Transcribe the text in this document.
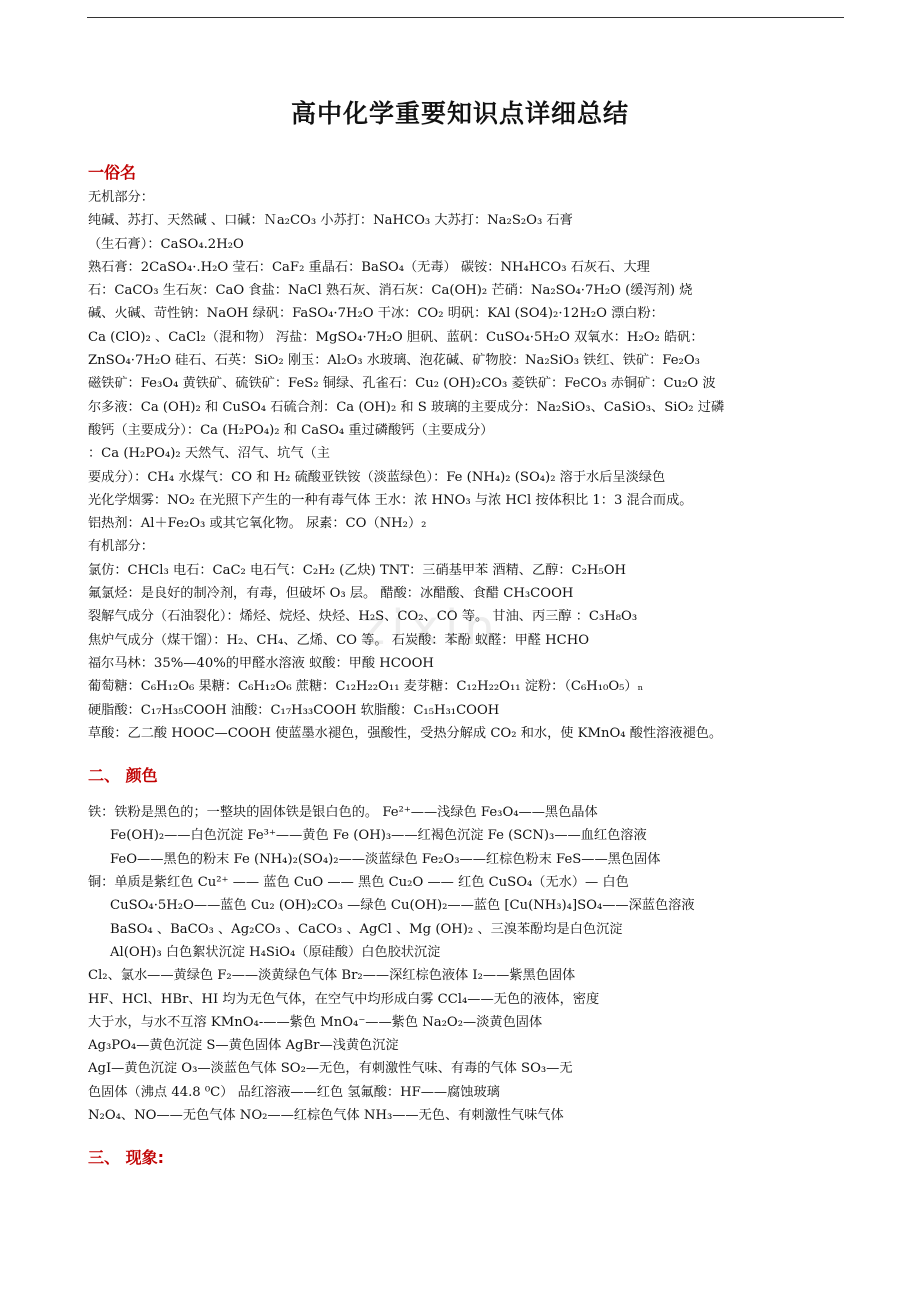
高中化学重要知识点详细总结
zixin
一俗名
无机部分：
纯碱、苏打、天然碱 、口碱：Ｎa₂CO₃ 小苏打：NaHCO₃ 大苏打：Na₂S₂O₃ 石膏
（生石膏）：CaSO₄.2H₂O
熟石膏：2CaSO₄·.H₂O 莹石：CaF₂ 重晶石：BaSO₄（无毒） 碳铵：NH₄HCO₃ 石灰石、大理
石：CaCO₃ 生石灰：CaO 食盐：NaCl 熟石灰、消石灰：Ca(OH)₂ 芒硝：Na₂SO₄·7H₂O (缓泻剂) 烧
碱、火碱、苛性钠：NaOH 绿矾：FaSO₄·7H₂O 干冰：CO₂ 明矾：KAl (SO4)₂·12H₂O 漂白粉：
Ca (ClO)₂ 、CaCl₂（混和物） 泻盐：MgSO₄·7H₂O 胆矾、蓝矾：CuSO₄·5H₂O 双氧水：H₂O₂ 皓矾：
ZnSO₄·7H₂O 硅石、石英：SiO₂ 刚玉：Al₂O₃ 水玻璃、泡花碱、矿物胶：Na₂SiO₃ 铁红、铁矿：Fe₂O₃
磁铁矿：Fe₃O₄ 黄铁矿、硫铁矿：FeS₂ 铜绿、孔雀石：Cu₂ (OH)₂CO₃ 菱铁矿：FeCO₃ 赤铜矿：Cu₂O 波
尔多液：Ca (OH)₂ 和 CuSO₄ 石硫合剂：Ca (OH)₂ 和 S 玻璃的主要成分：Na₂SiO₃、CaSiO₃、SiO₂ 过磷
酸钙（主要成分）：Ca (H₂PO₄)₂ 和 CaSO₄ 重过磷酸钙（主要成分）
：Ca (H₂PO₄)₂ 天然气、沼气、坑气（主
要成分）：CH₄ 水煤气：CO 和 H₂ 硫酸亚铁铵（淡蓝绿色）：Fe (NH₄)₂ (SO₄)₂ 溶于水后呈淡绿色
光化学烟雾：NO₂ 在光照下产生的一种有毒气体 王水：浓 HNO₃ 与浓 HCl 按体积比 1：3 混合而成。
铝热剂：Al＋Fe₂O₃ 或其它氧化物。 尿素：CO（NH₂）₂
有机部分：
氯仿：CHCl₃ 电石：CaC₂ 电石气：C₂H₂ (乙炔) TNT：三硝基甲苯 酒精、乙醇：C₂H₅OH
氟氯烃：是良好的制冷剂，有毒，但破坏 O₃ 层。 醋酸：冰醋酸、食醋 CH₃COOH
裂解气成分（石油裂化）：烯烃、烷烃、炔烃、H₂S、CO₂、CO 等。 甘油、丙三醇 ：C₃H₈O₃
焦炉气成分（煤干馏）：H₂、CH₄、乙烯、CO 等。 石炭酸：苯酚 蚁醛：甲醛 HCHO
福尔马林：35%—40%的甲醛水溶液 蚁酸：甲酸 HCOOH
葡萄糖：C₆H₁₂O₆ 果糖：C₆H₁₂O₆ 蔗糖：C₁₂H₂₂O₁₁ 麦芽糖：C₁₂H₂₂O₁₁ 淀粉：（C₆H₁₀O₅）ₙ
硬脂酸：C₁₇H₃₅COOH 油酸：C₁₇H₃₃COOH 软脂酸：C₁₅H₃₁COOH
草酸：乙二酸 HOOC—COOH 使蓝墨水褪色，强酸性，受热分解成 CO₂ 和水，使 KMnO₄ 酸性溶液褪色。
二、 颜色
铁：铁粉是黑色的；一整块的固体铁是银白色的。 Fe²⁺——浅绿色 Fe₃O₄——黑色晶体
Fe(OH)₂——白色沉淀 Fe³⁺——黄色 Fe (OH)₃——红褐色沉淀 Fe (SCN)₃——血红色溶液
FeO——黑色的粉末 Fe (NH₄)₂(SO₄)₂——淡蓝绿色 Fe₂O₃——红棕色粉末 FeS——黑色固体
铜：单质是紫红色 Cu²⁺ —— 蓝色 CuO —— 黑色 Cu₂O —— 红色 CuSO₄（无水）— 白色
CuSO₄·5H₂O——蓝色 Cu₂ (OH)₂CO₃ —绿色 Cu(OH)₂——蓝色 [Cu(NH₃)₄]SO₄——深蓝色溶液
BaSO₄ 、BaCO₃ 、Ag₂CO₃ 、CaCO₃ 、AgCl 、Mg (OH)₂ 、三溴苯酚均是白色沉淀
Al(OH)₃ 白色絮状沉淀 H₄SiO₄（原硅酸）白色胶状沉淀
Cl₂、氯水——黄绿色 F₂——淡黄绿色气体 Br₂——深红棕色液体 I₂——紫黑色固体
HF、HCl、HBr、HI 均为无色气体，在空气中均形成白雾 CCl₄——无色的液体，密度
大于水，与水不互溶 KMnO₄-——紫色 MnO₄⁻——紫色 Na₂O₂—淡黄色固体
Ag₃PO₄—黄色沉淀 S—黄色固体 AgBr—浅黄色沉淀
AgI—黄色沉淀 O₃—淡蓝色气体 SO₂—无色，有刺激性气味、有毒的气体 SO₃—无
色固体（沸点 44.8 ⁰C） 品红溶液——红色 氢氟酸：HF——腐蚀玻璃
N₂O₄、NO——无色气体 NO₂——红棕色气体 NH₃——无色、有刺激性气味气体
三、 现象:
